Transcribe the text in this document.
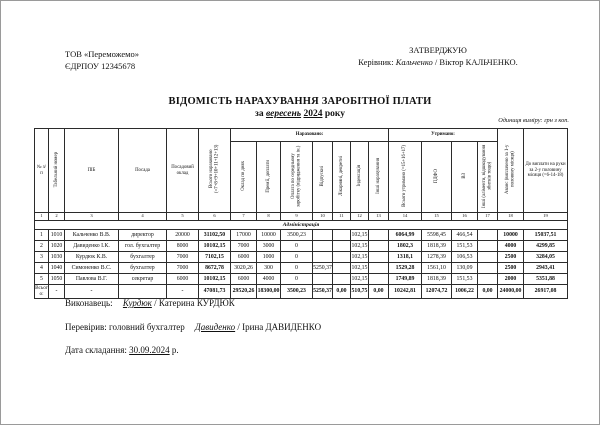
ТОВ «Переможемо»
ЄДРПОУ 12345678
ЗАТВЕРДЖУЮ
Керівник: Кальченко / Віктор КАЛЬЧЕНКО.
ВІДОМІСТЬ НАРАХУВАННЯ ЗАРОБІТНОЇ ПЛАТИ
за вересень 2024 року
Одиниця виміру: грн з коп.
№ з/п	Табельний номер	ПІБ	Посада	Посадовий оклад	Всього нараховано (=7+8+9+10+11+12+13)	Нараховано:							Утримано:				Аванс (виплачено за 1-у половину місяця)	До виплати на руки за 2-у половину місяця (=6-14-18)
						Оклад по днях	Премії, доплати	Оплата по середньому заробітку (відрядження та ін.)	Відпускні	Лікарняні, декретні	Індексація	Інші нарахування	Всього утримано (=15+16+17)	ПДФО	ВЗ	Інші (аліменти, відшкодування збитків тощо)		
1	2	3	4	5	6	7	8	9	10	11	12	13	14	15	16	17	18	19
Адміністрація																		
1	1010	Кальченко В.В.	директор	20000	31102,50	17000	10000	3500,23			102,15		6064,99	5598,45	466,54		10000	15037,51
2	1020	Давиденко І.К.	гол. бухгалтер	8000	10102,15	7000	3000	0			102,15		1802,3	1818,39	151,53		4000	4299,85
3	1030	Курдюк К.В.	бухгалтер	7000	7102,15	6000	1000	0			102,15		1318,1	1278,39	106,53		2500	3284,05
4	1040	Симоненко В.С.	бухгалтер	7000	8672,78	3020,26	300	0	5250,37		102,15		1529,28	1561,10	130,09		2500	2943,41
5	1050	Павлова В.Г.	секретар	6000	10102,15	6000	4000	0			102,15		1749,89	1818,39	151,53		2000	5351,88
Всього:	-	-		-	47081,73	29520,26	18300,00	3500,23	5250,37	0,00	510,75	0,00	10242,81	12074,72	1006,22	0,00	24000,00	26917,08
Виконавець: Курдюк / Катерина КУРДЮК
Перевірив: головний бухгалтер Давиденко / Ірина ДАВИДЕНКО
Дата складання: 30.09.2024 р.
